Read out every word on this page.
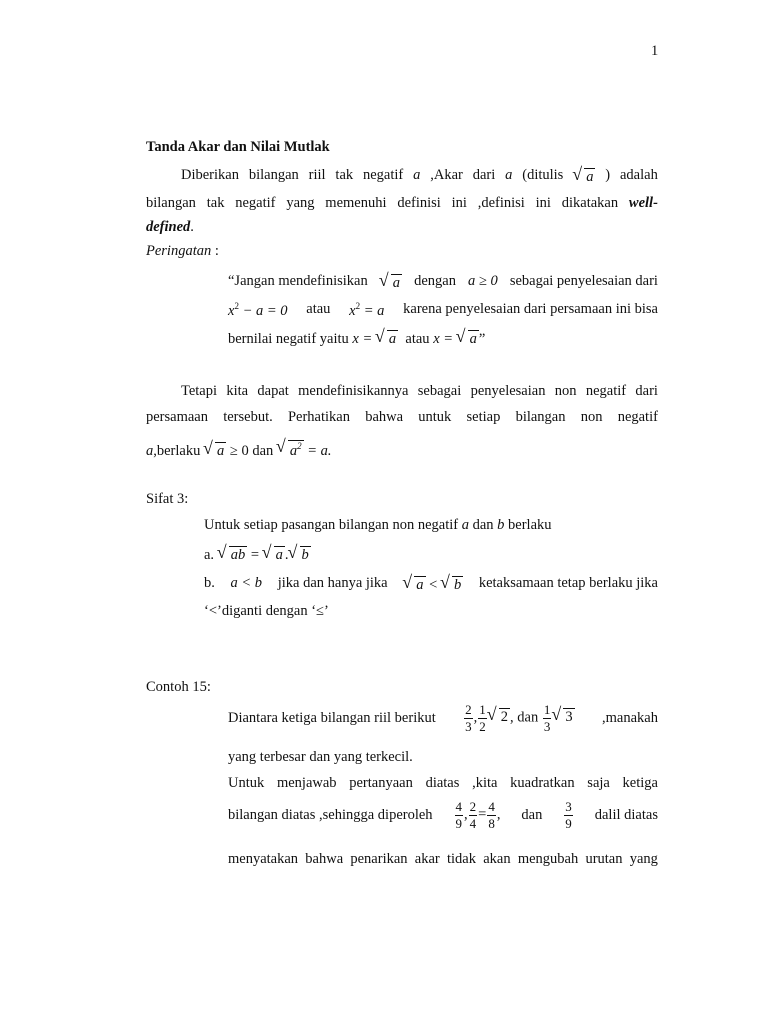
1
Tanda Akar dan Nilai Mutlak
Diberikan bilangan riil tak negatif a ,Akar dari a (ditulis	√ a ) adalah
bilangan tak negatif yang memenuhi definisi ini ,definisi ini dikatakan well-
defined.
Peringatan :
“Jangan mendefinisikan	√ a dengan a ≥ 0 sebagai penyelesaian dari
$x^2 - a = 0$ atau $x^2 = a$ karena penyelesaian dari persamaan ini bisa
bernilai negatif yaitu x = √ a atau x = √ a ”
Tetapi kita dapat mendefinisikannya sebagai penyelesaian non negatif dari
persamaan tersebut. Perhatikan bahwa untuk setiap bilangan non negatif
a,berlaku √ a ≥ 0 dan √ $a^2 = a$.
Sifat 3:
Untuk setiap pasangan bilangan non negatif a dan b berlaku
a. √ ab = √ a . √ b
b. a < b jika dan hanya jika	√ a < √ b ketaksamaan tetap berlaku jika
‘<’diganti dengan ‘≤’
Contoh 15:
Diantara ketiga bilangan riil berikut $\frac{2}{3}$ , $\frac{1}{2}$ √ 2 , dan $\frac{1}{3}$ √ 3 ,manakah
yang terbesar dan yang terkecil.
Untuk menjawab pertanyaan diatas ,kita kuadratkan saja ketiga
bilangan diatas ,sehingga diperoleh $\frac{4}{9}$ , $\frac{2}{4} = \frac{4}{8}$ , dan $\frac{3}{9}$ dalil diatas
menyatakan bahwa penarikan akar tidak akan mengubah urutan yang
